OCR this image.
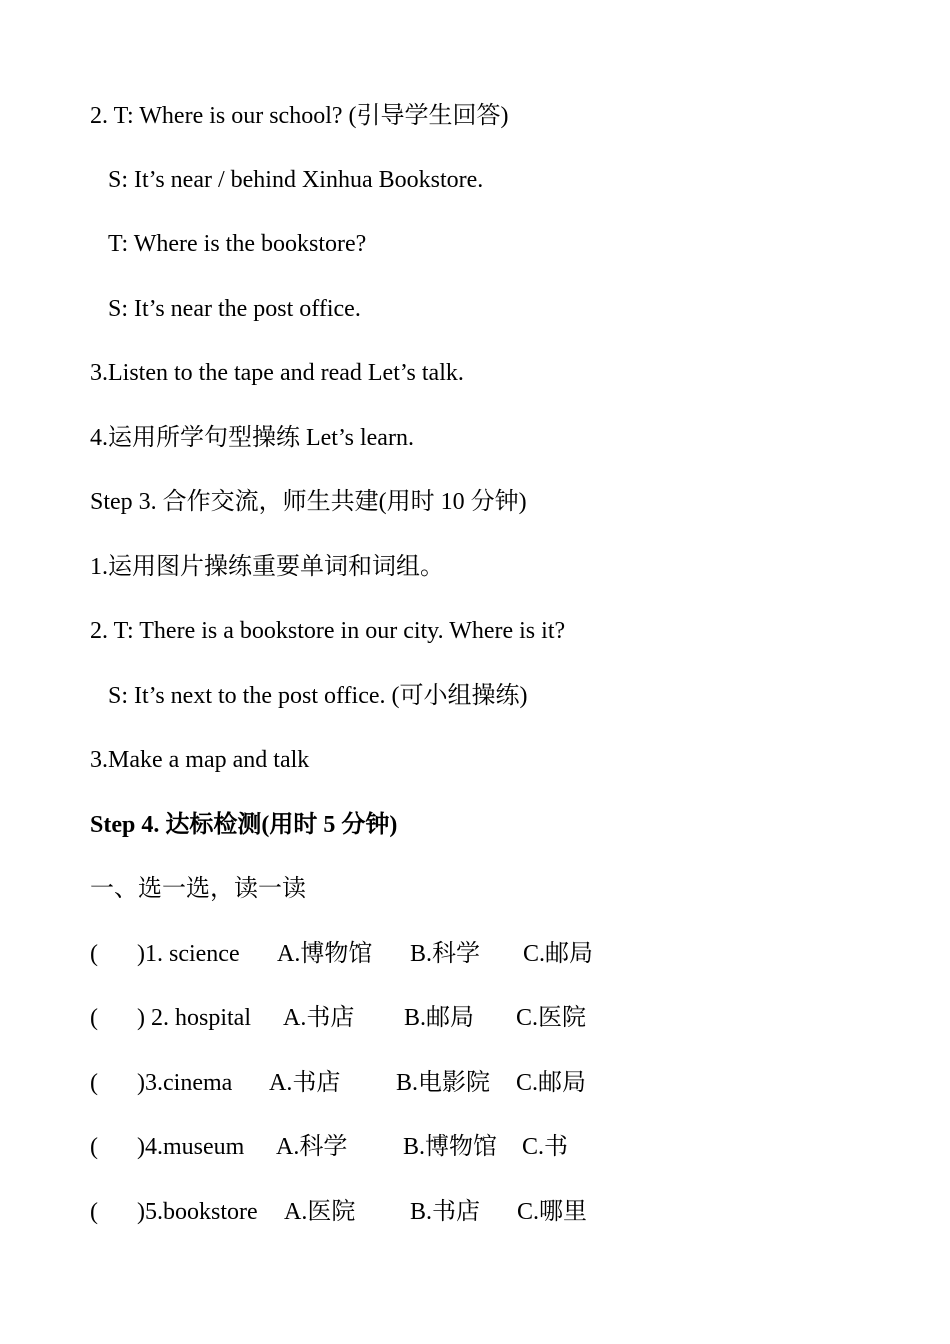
2. T: Where is our school? (引导学生回答)
S: It’s near / behind Xinhua Bookstore.
T: Where is the bookstore?
S: It’s near the post office.
3.Listen to the tape and read Let’s talk.
4.运用所学句型操练 Let’s learn.
Step 3. 合作交流，师生共建(用时 10 分钟)
1.运用图片操练重要单词和词组。
2. T: There is a bookstore in our city. Where is it?
S: It’s next to the post office. (可小组操练)
3.Make a map and talk
Step 4. 达标检测(用时 5 分钟)
一、选一选，读一读
( )1. science A.博物馆 B.科学 C.邮局
( ) 2. hospital A.书店 B.邮局 C.医院
( )3.cinema A.书店 B.电影院 C.邮局
( )4.museum A.科学 B.博物馆 C.书
( )5.bookstore A.医院 B.书店 C.哪里
